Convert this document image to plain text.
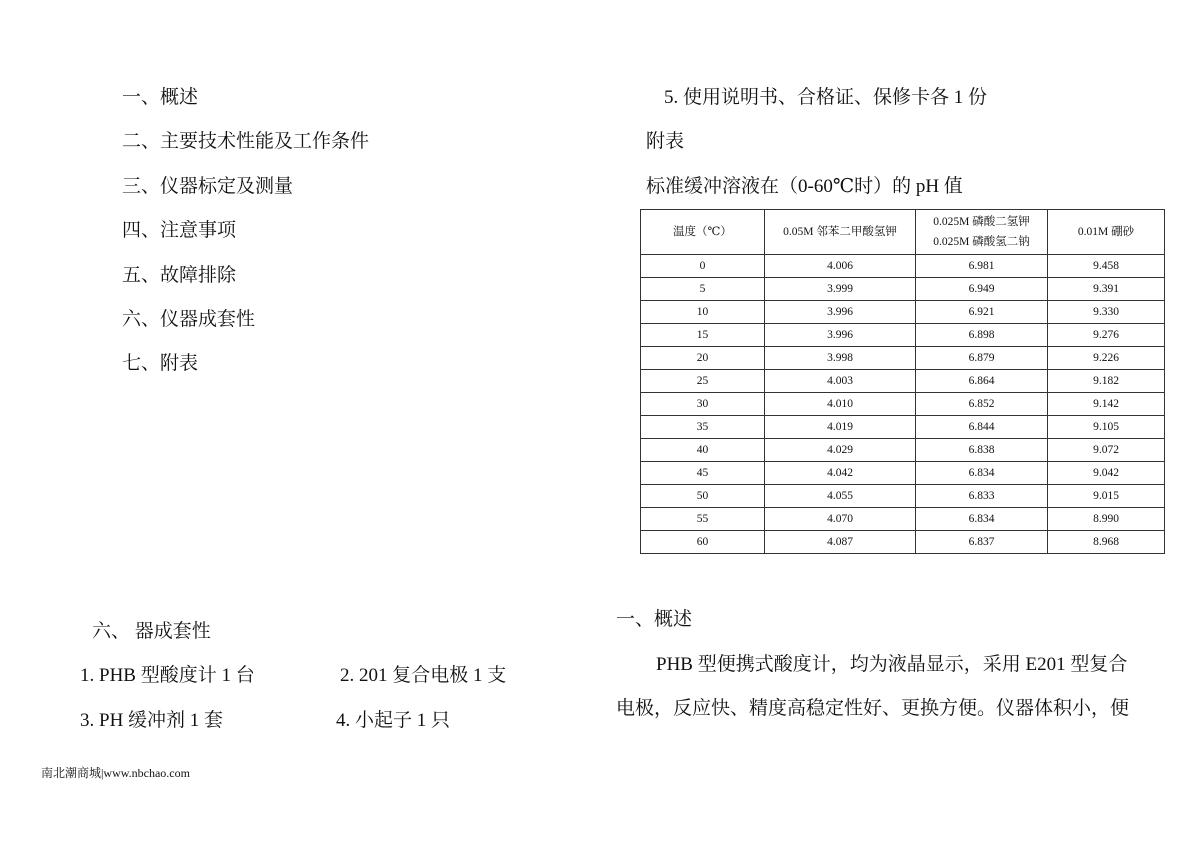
一、概述
二、主要技术性能及工作条件
三、仪器标定及测量
四、注意事项
五、故障排除
六、仪器成套性
七、附表
5. 使用说明书、合格证、保修卡各 1 份
附表
标准缓冲溶液在（0-60℃时）的 pH 值
温度（℃）	0.05M 邻苯二甲酸氢钾	0.025M 磷酸二氢钾 0.025M 磷酸氢二钠	0.01M 硼砂
0	4.006	6.981	9.458
5	3.999	6.949	9.391
10	3.996	6.921	9.330
15	3.996	6.898	9.276
20	3.998	6.879	9.226
25	4.003	6.864	9.182
30	4.010	6.852	9.142
35	4.019	6.844	9.105
40	4.029	6.838	9.072
45	4.042	6.834	9.042
50	4.055	6.833	9.015
55	4.070	6.834	8.990
60	4.087	6.837	8.968
六、 器成套性
1. PHB 型酸度计 1 台	2. 201 复合电极 1 支
3. PH 缓冲剂 1 套	4. 小起子 1 只
南北潮商城|www.nbchao.com
一、概述
PHB 型便携式酸度计，均为液晶显示，采用 E201 型复合
电极，反应快、精度高稳定性好、更换方便。仪器体积小，便
